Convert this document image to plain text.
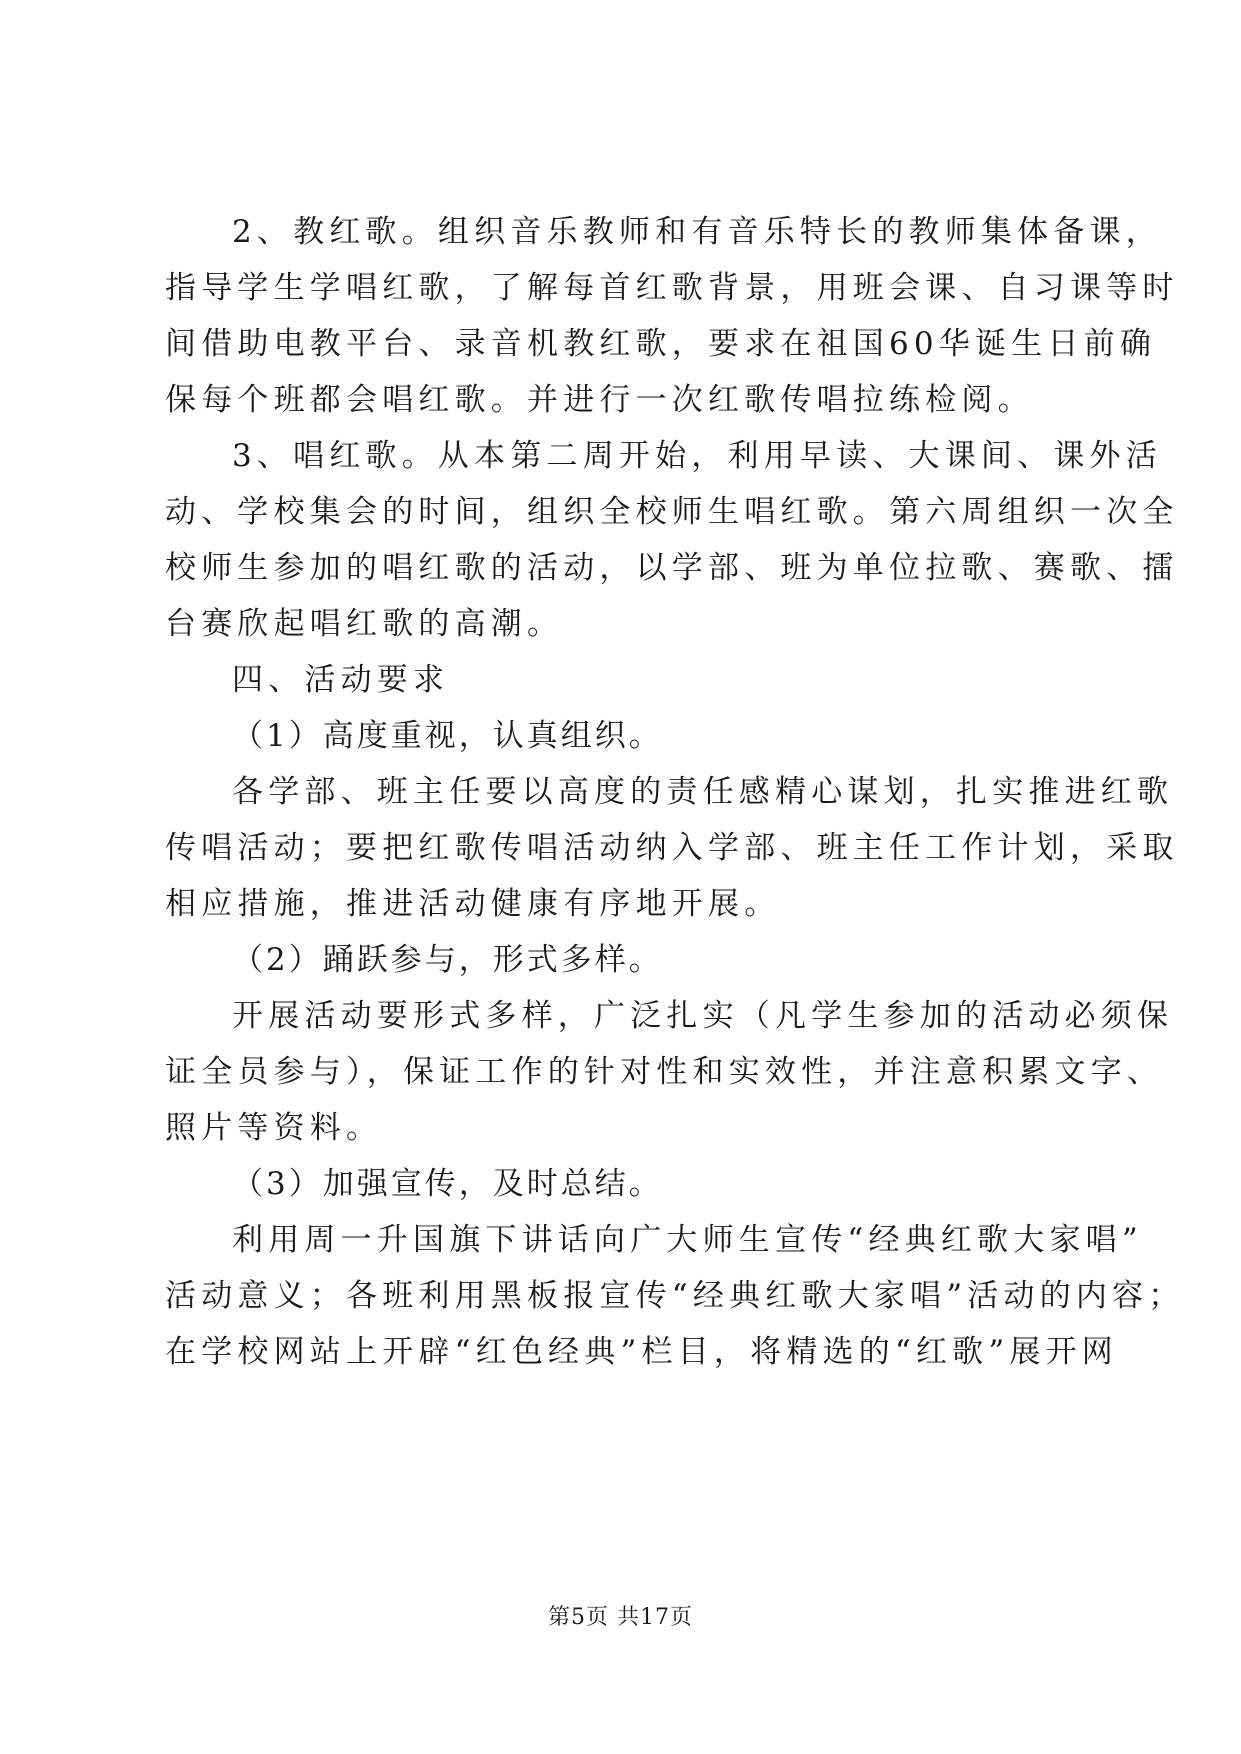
2、教红歌。组织音乐教师和有音乐特长的教师集体备课，
指导学生学唱红歌，了解每首红歌背景，用班会课、自习课等时
间借助电教平台、录音机教红歌，要求在祖国60华诞生日前确
保每个班都会唱红歌。并进行一次红歌传唱拉练检阅。
3、唱红歌。从本第二周开始，利用早读、大课间、课外活
动、学校集会的时间，组织全校师生唱红歌。第六周组织一次全
校师生参加的唱红歌的活动，以学部、班为单位拉歌、赛歌、擂
台赛欣起唱红歌的高潮。
四、活动要求
（1）高度重视，认真组织。
各学部、班主任要以高度的责任感精心谋划，扎实推进红歌
传唱活动；要把红歌传唱活动纳入学部、班主任工作计划，采取
相应措施，推进活动健康有序地开展。
（2）踊跃参与，形式多样。
开展活动要形式多样，广泛扎实（凡学生参加的活动必须保
证全员参与），保证工作的针对性和实效性，并注意积累文字、
照片等资料。
（3）加强宣传，及时总结。
利用周一升国旗下讲话向广大师生宣传“经典红歌大家唱”
活动意义；各班利用黑板报宣传“经典红歌大家唱”活动的内容；
在学校网站上开辟“红色经典”栏目，将精选的“红歌”展开网
第5页 共17页
